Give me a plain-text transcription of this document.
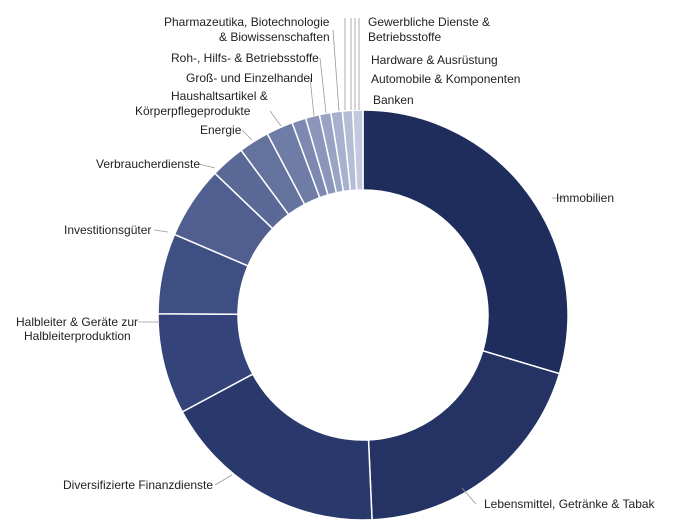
Immobilien
Lebensmittel, Getränke & Tabak
Diversifizierte Finanzdienste
Halbleiter & Geräte zur Halbleiterproduktion
Investitionsgüter
Verbraucherdienste
Energie
Haushaltsartikel & Körperpflegeprodukte
Groß- und Einzelhandel
Roh-, Hilfs- & Betriebsstoffe
Pharmazeutika, Biotechnologie & Biowissenschaften
Gewerbliche Dienste & Betriebsstoffe
Hardware & Ausrüstung
Automobile & Komponenten
Banken
